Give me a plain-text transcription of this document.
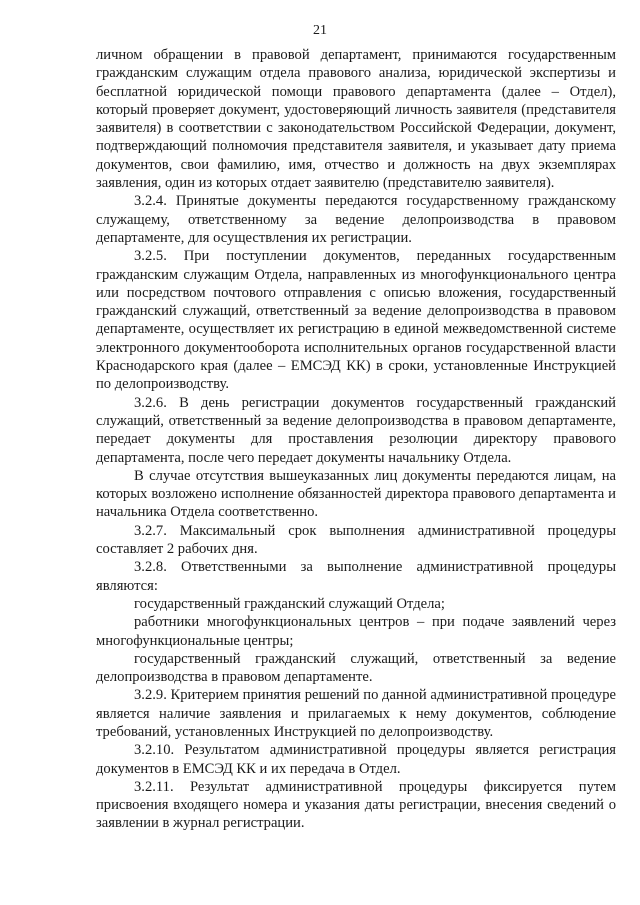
21

личном обращении в правовой департамент, принимаются государственным гражданским служащим отдела правового анализа, юридической экспертизы и бесплатной юридической помощи правового департамента (далее – Отдел), который проверяет документ, удостоверяющий личность заявителя (представителя заявителя) в соответствии с законодательством Российской Федерации, документ, подтверждающий полномочия представителя заявителя, и указывает дату приема документов, свои фамилию, имя, отчество и должность на двух экземплярах заявления, один из которых отдает заявителю (представителю заявителя).

3.2.4. Принятые документы передаются государственному гражданскому служащему, ответственному за ведение делопроизводства в правовом департаменте, для осуществления их регистрации.

3.2.5. При поступлении документов, переданных государственным гражданским служащим Отдела, направленных из многофункционального центра или посредством почтового отправления с описью вложения, государственный гражданский служащий, ответственный за ведение делопроизводства в правовом департаменте, осуществляет их регистрацию в единой межведомственной системе электронного документооборота исполнительных органов государственной власти Краснодарского края (далее – ЕМСЭД КК) в сроки, установленные Инструкцией по делопроизводству.

3.2.6. В день регистрации документов государственный гражданский служащий, ответственный за ведение делопроизводства в правовом департаменте, передает документы для проставления резолюции директору правового департамента, после чего передает документы начальнику Отдела.

В случае отсутствия вышеуказанных лиц документы передаются лицам, на которых возложено исполнение обязанностей директора правового департамента и начальника Отдела соответственно.

3.2.7. Максимальный срок выполнения административной процедуры составляет 2 рабочих дня.

3.2.8. Ответственными за выполнение административной процедуры являются:

государственный гражданский служащий Отдела;

работники многофункциональных центров – при подаче заявлений через многофункциональные центры;

государственный гражданский служащий, ответственный за ведение делопроизводства в правовом департаменте.

3.2.9. Критерием принятия решений по данной административной процедуре является наличие заявления и прилагаемых к нему документов, соблюдение требований, установленных Инструкцией по делопроизводству.

3.2.10. Результатом административной процедуры является регистрация документов в ЕМСЭД КК и их передача в Отдел.

3.2.11. Результат административной процедуры фиксируется путем присвоения входящего номера и указания даты регистрации, внесения сведений о заявлении в журнал регистрации.
